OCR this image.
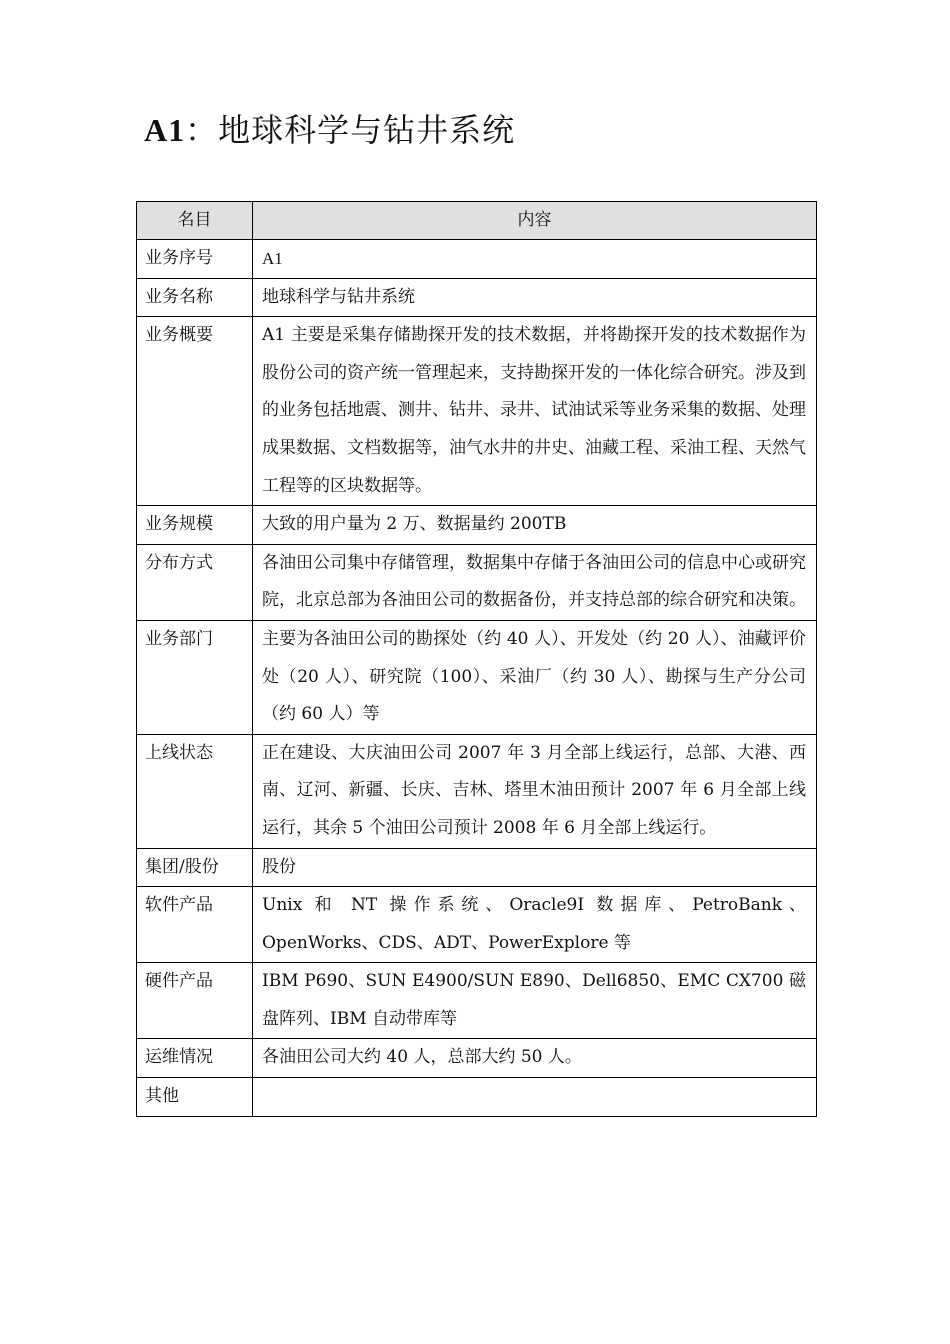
A1：地球科学与钻井系统
名目	内容
业务序号	A1
业务名称	地球科学与钻井系统
业务概要	A1 主要是采集存储勘探开发的技术数据，并将勘探开发的技术数据作为股份公司的资产统一管理起来，支持勘探开发的一体化综合研究。涉及到的业务包括地震、测井、钻井、录井、试油试采等业务采集的数据、处理成果数据、文档数据等，油气水井的井史、油藏工程、采油工程、天然气工程等的区块数据等。
业务规模	大致的用户量为 2 万、数据量约 200TB
分布方式	各油田公司集中存储管理，数据集中存储于各油田公司的信息中心或研究院，北京总部为各油田公司的数据备份，并支持总部的综合研究和决策。
业务部门	主要为各油田公司的勘探处（约 40 人）、开发处（约 20 人）、油藏评价处（20 人）、研究院（100）、采油厂（约 30 人）、勘探与生产分公司（约 60 人）等
上线状态	正在建设、大庆油田公司 2007 年 3 月全部上线运行，总部、大港、西南、辽河、新疆、长庆、吉林、塔里木油田预计 2007 年 6 月全部上线运行，其余 5 个油田公司预计 2008 年 6 月全部上线运行。
集团/股份	股份
软件产品	Unix 和 NT 操作系统、Oracle9I 数据库、PetroBank、OpenWorks、CDS、ADT、PowerExplore 等
硬件产品	IBM P690、SUN E4900/SUN E890、Dell6850、EMC CX700 磁盘阵列、IBM 自动带库等
运维情况	各油田公司大约 40 人，总部大约 50 人。
其他	
